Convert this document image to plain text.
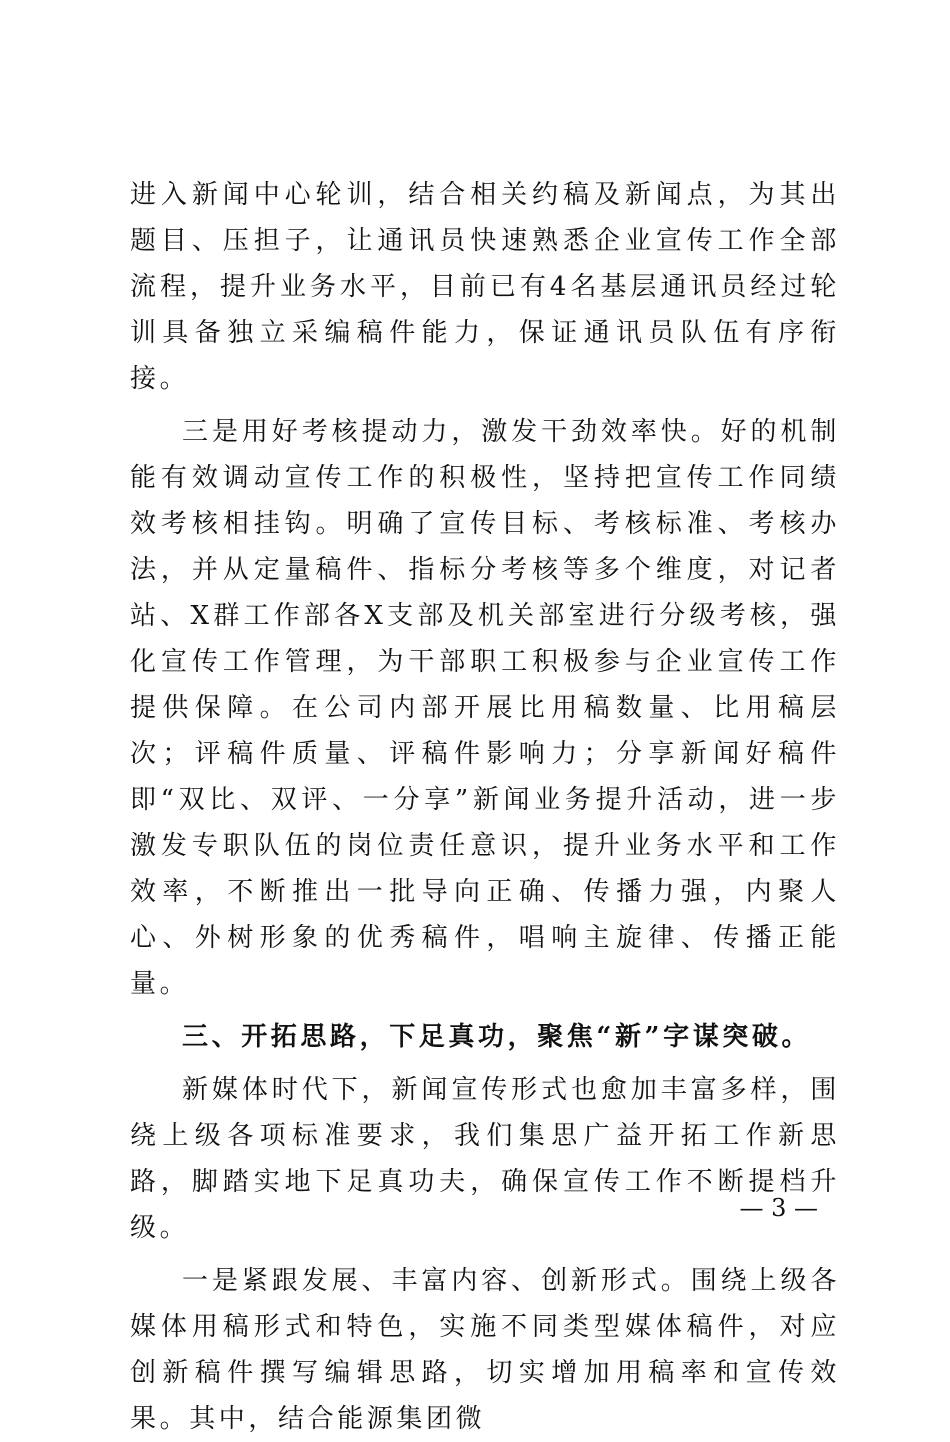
进入新闻中心轮训，结合相关约稿及新闻点，为其出题目、压担子，让通讯员快速熟悉企业宣传工作全部流程，提升业务水平，目前已有4名基层通讯员经过轮训具备独立采编稿件能力，保证通讯员队伍有序衔接。

三是用好考核提动力，激发干劲效率快。好的机制能有效调动宣传工作的积极性，坚持把宣传工作同绩效考核相挂钩。明确了宣传目标、考核标准、考核办法，并从定量稿件、指标分考核等多个维度，对记者站、X群工作部各X支部及机关部室进行分级考核，强化宣传工作管理，为干部职工积极参与企业宣传工作提供保障。在公司内部开展比用稿数量、比用稿层次；评稿件质量、评稿件影响力；分享新闻好稿件即“双比、双评、一分享”新闻业务提升活动，进一步激发专职队伍的岗位责任意识，提升业务水平和工作效率，不断推出一批导向正确、传播力强，内聚人心、外树形象的优秀稿件，唱响主旋律、传播正能量。

三、开拓思路，下足真功，聚焦“新”字谋突破。

新媒体时代下，新闻宣传形式也愈加丰富多样，围绕上级各项标准要求，我们集思广益开拓工作新思路，脚踏实地下足真功夫，确保宣传工作不断提档升级。

一是紧跟发展、丰富内容、创新形式。围绕上级各媒体用稿形式和特色，实施不同类型媒体稿件，对应创新稿件撰写编辑思路，切实增加用稿率和宣传效果。其中，结合能源集团微

— 3 —
